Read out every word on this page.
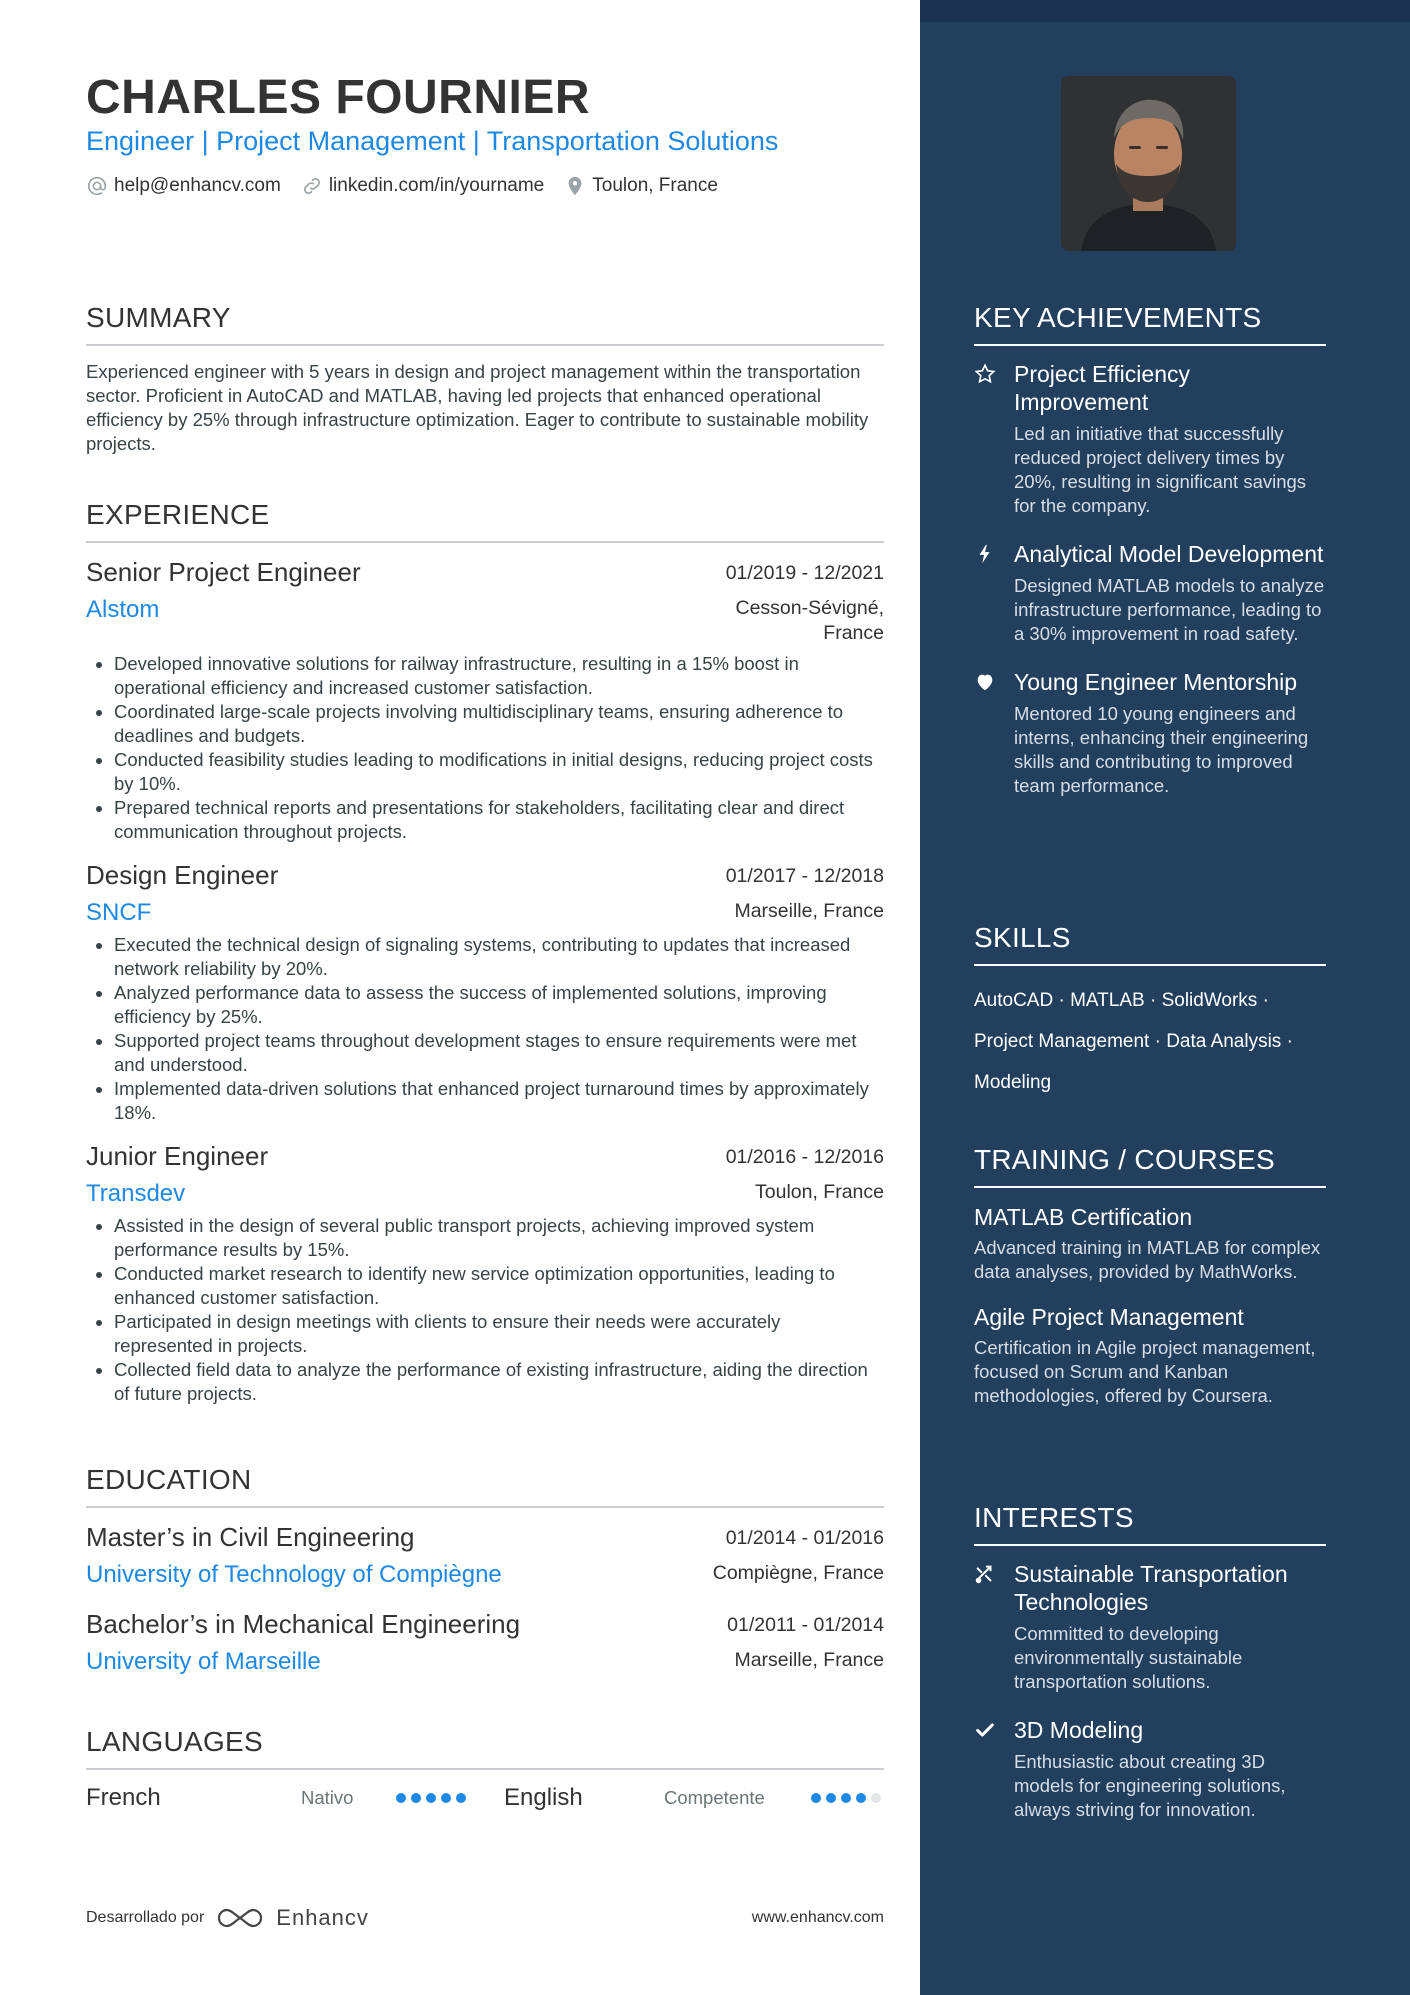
CHARLES FOURNIER
Engineer | Project Management | Transportation Solutions
help@enhancv.com	linkedin.com/in/yourname	Toulon, France
SUMMARY
Experienced engineer with 5 years in design and project management within the transportation sector. Proficient in AutoCAD and MATLAB, having led projects that enhanced operational efficiency by 25% through infrastructure optimization. Eager to contribute to sustainable mobility projects.
EXPERIENCE
Senior Project Engineer	01/2019 - 12/2021
Alstom	Cesson-Sévigné, France
• Developed innovative solutions for railway infrastructure, resulting in a 15% boost in operational efficiency and increased customer satisfaction.
• Coordinated large-scale projects involving multidisciplinary teams, ensuring adherence to deadlines and budgets.
• Conducted feasibility studies leading to modifications in initial designs, reducing project costs by 10%.
• Prepared technical reports and presentations for stakeholders, facilitating clear and direct communication throughout projects.
Design Engineer	01/2017 - 12/2018
SNCF	Marseille, France
• Executed the technical design of signaling systems, contributing to updates that increased network reliability by 20%.
• Analyzed performance data to assess the success of implemented solutions, improving efficiency by 25%.
• Supported project teams throughout development stages to ensure requirements were met and understood.
• Implemented data-driven solutions that enhanced project turnaround times by approximately 18%.
Junior Engineer	01/2016 - 12/2016
Transdev	Toulon, France
• Assisted in the design of several public transport projects, achieving improved system performance results by 15%.
• Conducted market research to identify new service optimization opportunities, leading to enhanced customer satisfaction.
• Participated in design meetings with clients to ensure their needs were accurately represented in projects.
• Collected field data to analyze the performance of existing infrastructure, aiding the direction of future projects.
EDUCATION
Master’s in Civil Engineering	01/2014 - 01/2016
University of Technology of Compiègne	Compiègne, France
Bachelor’s in Mechanical Engineering	01/2011 - 01/2014
University of Marseille	Marseille, France
LANGUAGES
French	Nativo	English	Competente
Desarrollado por	Enhancv	www.enhancv.com
KEY ACHIEVEMENTS
Project Efficiency Improvement
Led an initiative that successfully reduced project delivery times by 20%, resulting in significant savings for the company.
Analytical Model Development
Designed MATLAB models to analyze infrastructure performance, leading to a 30% improvement in road safety.
Young Engineer Mentorship
Mentored 10 young engineers and interns, enhancing their engineering skills and contributing to improved team performance.
SKILLS
AutoCAD · MATLAB · SolidWorks ·
Project Management · Data Analysis ·
Modeling
TRAINING / COURSES
MATLAB Certification
Advanced training in MATLAB for complex data analyses, provided by MathWorks.
Agile Project Management
Certification in Agile project management, focused on Scrum and Kanban methodologies, offered by Coursera.
INTERESTS
Sustainable Transportation Technologies
Committed to developing environmentally sustainable transportation solutions.
3D Modeling
Enthusiastic about creating 3D models for engineering solutions, always striving for innovation.
